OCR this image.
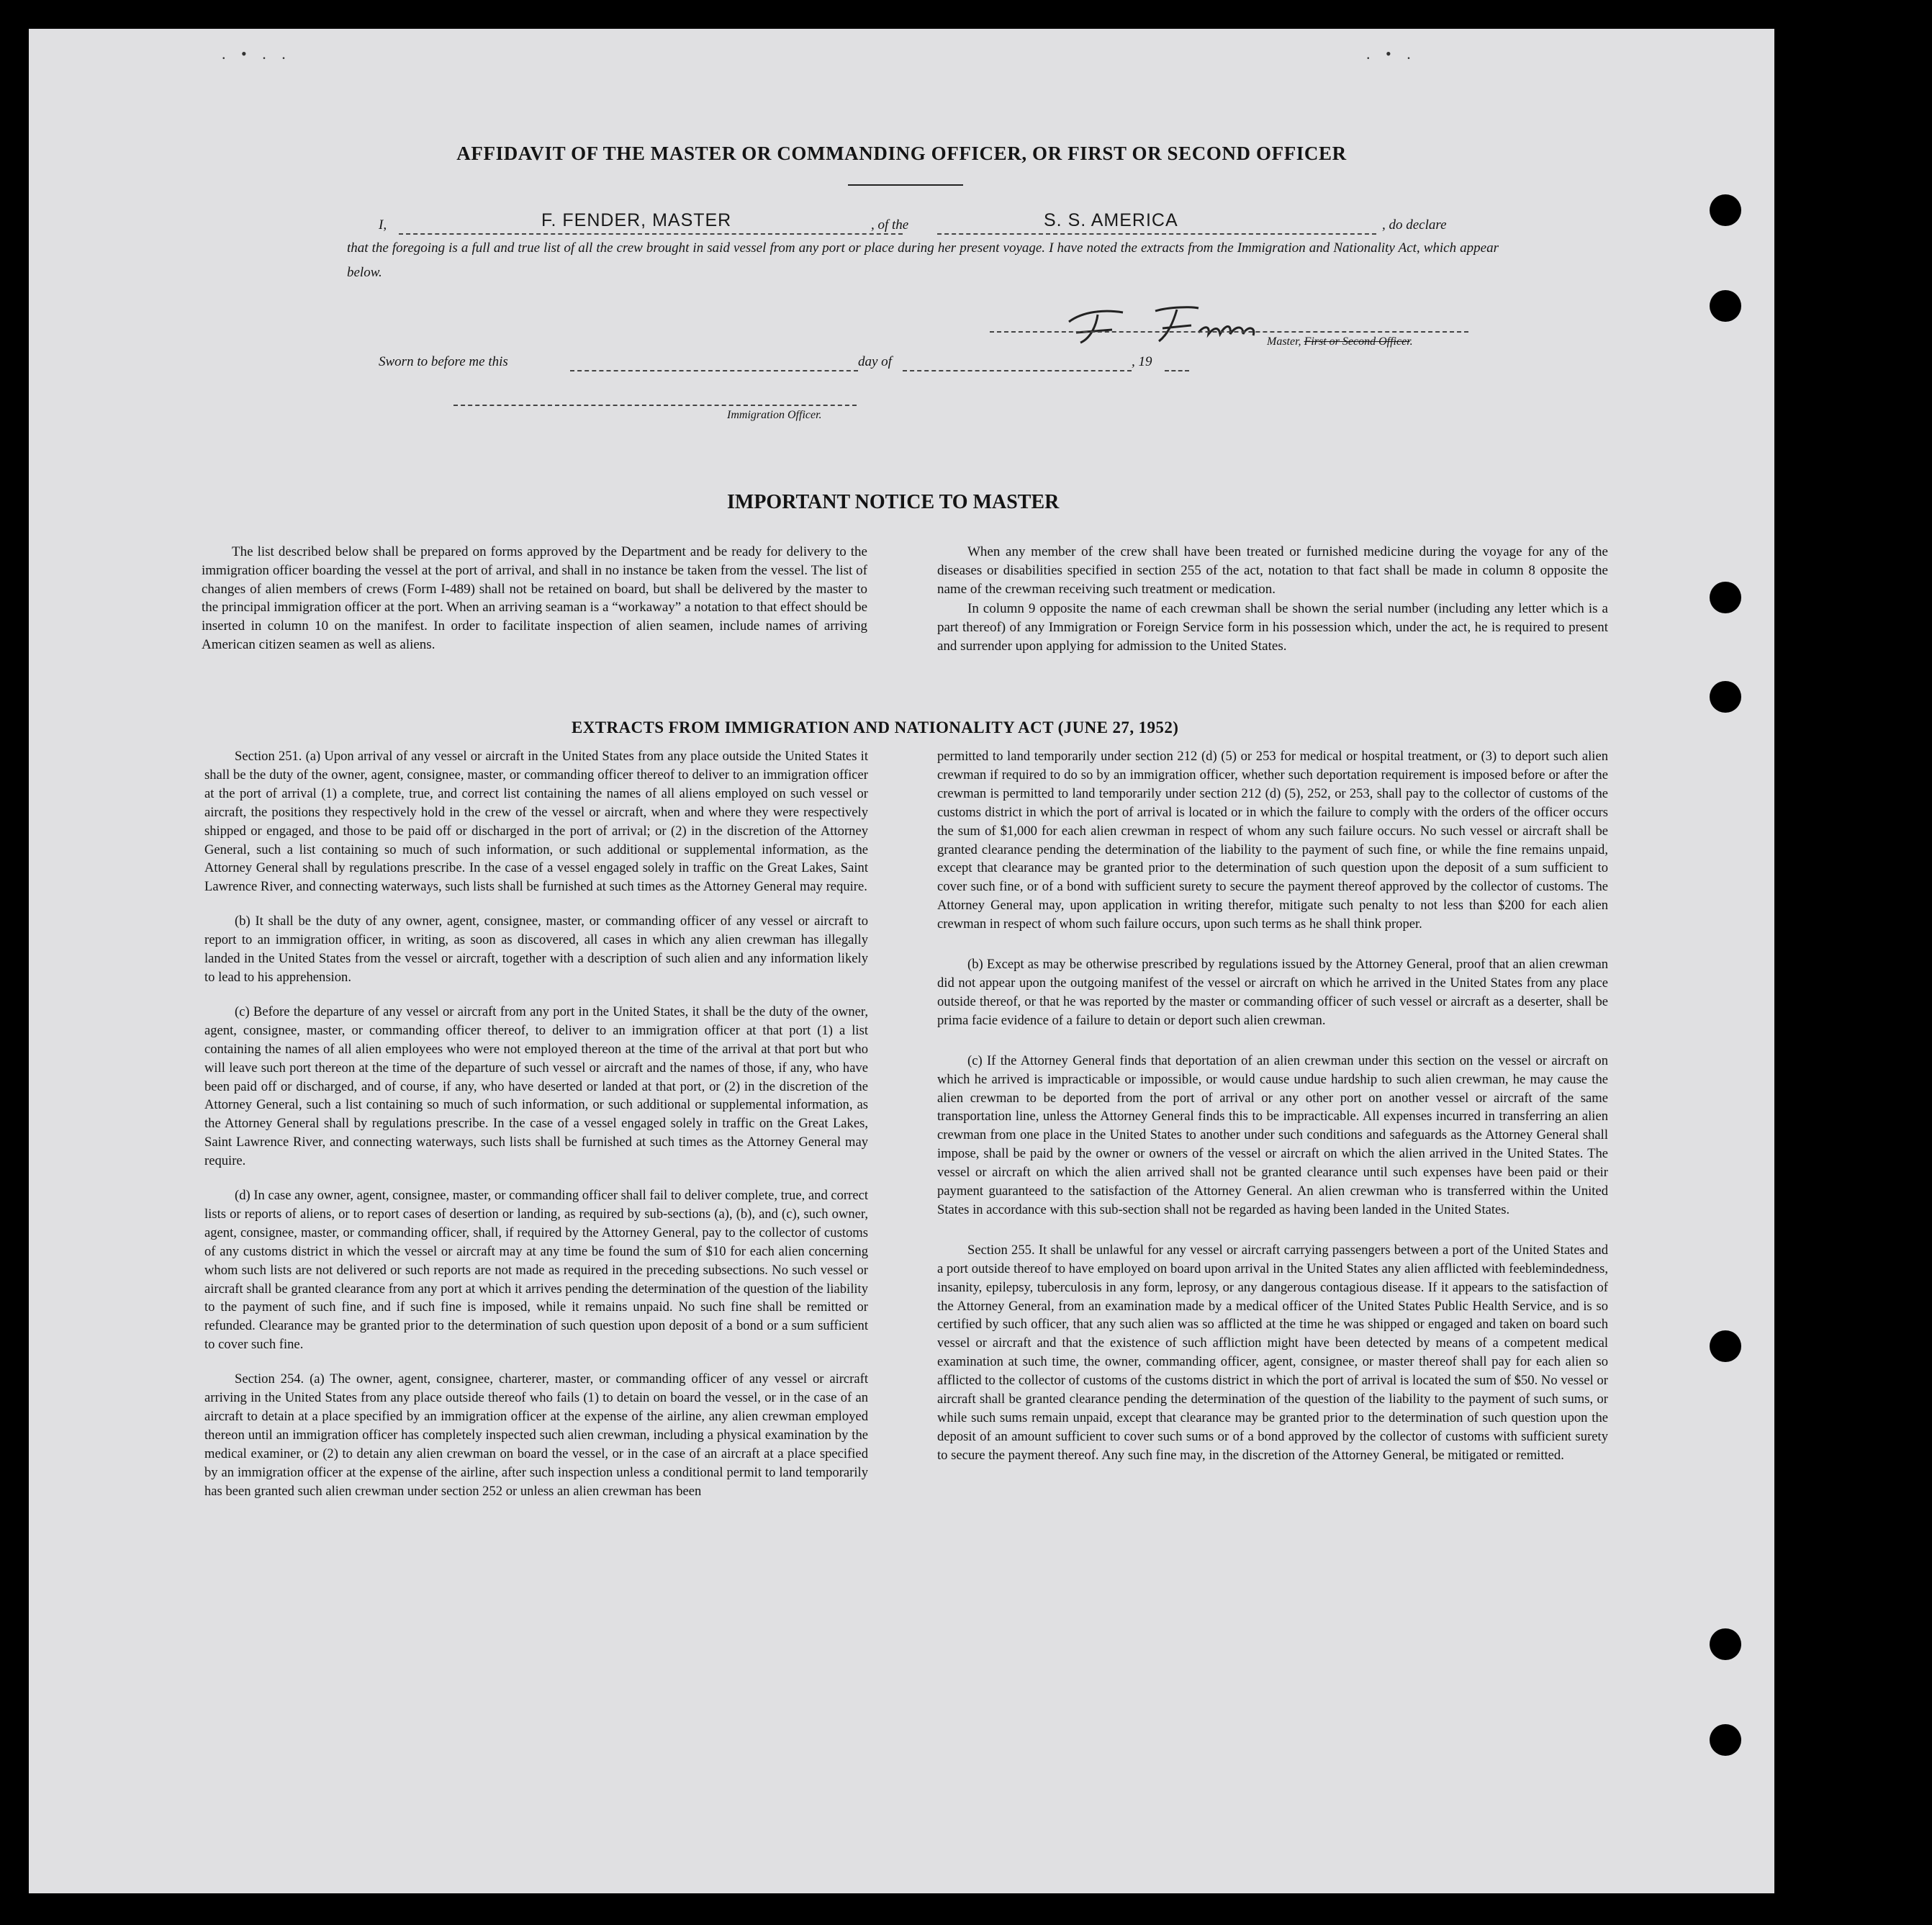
. • . .	. • .
AFFIDAVIT OF THE MASTER OR COMMANDING OFFICER, OR FIRST OR SECOND OFFICER
I,	F. FENDER, MASTER	, of the	S. S. AMERICA	, do declare
that the foregoing is a full and true list of all the crew brought in said vessel from any port or place during her present voyage. I have noted the extracts from the Immigration and Nationality Act, which appear below.
Master, First or Second Officer.
Sworn to before me this	day of	, 19
Immigration Officer.
IMPORTANT NOTICE TO MASTER

The list described below shall be prepared on forms approved by the Department and be ready for delivery to the immigration officer boarding the vessel at the port of arrival, and shall in no instance be taken from the vessel. The list of changes of alien members of crews (Form I-489) shall not be retained on board, but shall be delivered by the master to the principal immigration officer at the port. When an arriving seaman is a “workaway” a notation to that effect should be inserted in column 10 on the manifest. In order to facilitate inspection of alien seamen, include names of arriving American citizen seamen as well as aliens.

When any member of the crew shall have been treated or furnished medicine during the voyage for any of the diseases or disabilities specified in section 255 of the act, notation to that fact shall be made in column 8 opposite the name of the crewman receiving such treatment or medication.

In column 9 opposite the name of each crewman shall be shown the serial number (including any letter which is a part thereof) of any Immigration or Foreign Service form in his possession which, under the act, he is required to present and surrender upon applying for admission to the United States.

EXTRACTS FROM IMMIGRATION AND NATIONALITY ACT (JUNE 27, 1952)

Section 251. (a) Upon arrival of any vessel or aircraft in the United States from any place outside the United States it shall be the duty of the owner, agent, consignee, master, or commanding officer thereof to deliver to an immigration officer at the port of arrival (1) a complete, true, and correct list containing the names of all aliens employed on such vessel or aircraft, the positions they respectively hold in the crew of the vessel or aircraft, when and where they were respectively shipped or engaged, and those to be paid off or discharged in the port of arrival; or (2) in the discretion of the Attorney General, such a list containing so much of such information, or such additional or supplemental information, as the Attorney General shall by regulations prescribe. In the case of a vessel engaged solely in traffic on the Great Lakes, Saint Lawrence River, and connecting waterways, such lists shall be furnished at such times as the Attorney General may require.

(b) It shall be the duty of any owner, agent, consignee, master, or commanding officer of any vessel or aircraft to report to an immigration officer, in writing, as soon as discovered, all cases in which any alien crewman has illegally landed in the United States from the vessel or aircraft, together with a description of such alien and any information likely to lead to his apprehension.

(c) Before the departure of any vessel or aircraft from any port in the United States, it shall be the duty of the owner, agent, consignee, master, or commanding officer thereof, to deliver to an immigration officer at that port (1) a list containing the names of all alien employees who were not employed thereon at the time of the arrival at that port but who will leave such port thereon at the time of the departure of such vessel or aircraft and the names of those, if any, who have been paid off or discharged, and of course, if any, who have deserted or landed at that port, or (2) in the discretion of the Attorney General, such a list containing so much of such information, or such additional or supplemental information, as the Attorney General shall by regulations prescribe. In the case of a vessel engaged solely in traffic on the Great Lakes, Saint Lawrence River, and connecting waterways, such lists shall be furnished at such times as the Attorney General may require.

(d) In case any owner, agent, consignee, master, or commanding officer shall fail to deliver complete, true, and correct lists or reports of aliens, or to report cases of desertion or landing, as required by sub-sections (a), (b), and (c), such owner, agent, consignee, master, or commanding officer, shall, if required by the Attorney General, pay to the collector of customs of any customs district in which the vessel or aircraft may at any time be found the sum of $10 for each alien concerning whom such lists are not delivered or such reports are not made as required in the preceding subsections. No such vessel or aircraft shall be granted clearance from any port at which it arrives pending the determination of the question of the liability to the payment of such fine, and if such fine is imposed, while it remains unpaid. No such fine shall be remitted or refunded. Clearance may be granted prior to the determination of such question upon deposit of a bond or a sum sufficient to cover such fine.

Section 254. (a) The owner, agent, consignee, charterer, master, or commanding officer of any vessel or aircraft arriving in the United States from any place outside thereof who fails (1) to detain on board the vessel, or in the case of an aircraft to detain at a place specified by an immigration officer at the expense of the airline, any alien crewman employed thereon until an immigration officer has completely inspected such alien crewman, including a physical examination by the medical examiner, or (2) to detain any alien crewman on board the vessel, or in the case of an aircraft at a place specified by an immigration officer at the expense of the airline, after such inspection unless a conditional permit to land temporarily has been granted such alien crewman under section 252 or unless an alien crewman has been

permitted to land temporarily under section 212 (d) (5) or 253 for medical or hospital treatment, or (3) to deport such alien crewman if required to do so by an immigration officer, whether such deportation requirement is imposed before or after the crewman is permitted to land temporarily under section 212 (d) (5), 252, or 253, shall pay to the collector of customs of the customs district in which the port of arrival is located or in which the failure to comply with the orders of the officer occurs the sum of $1,000 for each alien crewman in respect of whom any such failure occurs. No such vessel or aircraft shall be granted clearance pending the determination of the liability to the payment of such fine, or while the fine remains unpaid, except that clearance may be granted prior to the determination of such question upon the deposit of a sum sufficient to cover such fine, or of a bond with sufficient surety to secure the payment thereof approved by the collector of customs. The Attorney General may, upon application in writing therefor, mitigate such penalty to not less than $200 for each alien crewman in respect of whom such failure occurs, upon such terms as he shall think proper.

(b) Except as may be otherwise prescribed by regulations issued by the Attorney General, proof that an alien crewman did not appear upon the outgoing manifest of the vessel or aircraft on which he arrived in the United States from any place outside thereof, or that he was reported by the master or commanding officer of such vessel or aircraft as a deserter, shall be prima facie evidence of a failure to detain or deport such alien crewman.

(c) If the Attorney General finds that deportation of an alien crewman under this section on the vessel or aircraft on which he arrived is impracticable or impossible, or would cause undue hardship to such alien crewman, he may cause the alien crewman to be deported from the port of arrival or any other port on another vessel or aircraft of the same transportation line, unless the Attorney General finds this to be impracticable. All expenses incurred in transferring an alien crewman from one place in the United States to another under such conditions and safeguards as the Attorney General shall impose, shall be paid by the owner or owners of the vessel or aircraft on which the alien arrived in the United States. The vessel or aircraft on which the alien arrived shall not be granted clearance until such expenses have been paid or their payment guaranteed to the satisfaction of the Attorney General. An alien crewman who is transferred within the United States in accordance with this sub-section shall not be regarded as having been landed in the United States.

Section 255. It shall be unlawful for any vessel or aircraft carrying passengers between a port of the United States and a port outside thereof to have employed on board upon arrival in the United States any alien afflicted with feeblemindedness, insanity, epilepsy, tuberculosis in any form, leprosy, or any dangerous contagious disease. If it appears to the satisfaction of the Attorney General, from an examination made by a medical officer of the United States Public Health Service, and is so certified by such officer, that any such alien was so afflicted at the time he was shipped or engaged and taken on board such vessel or aircraft and that the existence of such affliction might have been detected by means of a competent medical examination at such time, the owner, commanding officer, agent, consignee, or master thereof shall pay for each alien so afflicted to the collector of customs of the customs district in which the port of arrival is located the sum of $50. No vessel or aircraft shall be granted clearance pending the determination of the question of the liability to the payment of such sums, or while such sums remain unpaid, except that clearance may be granted prior to the determination of such question upon the deposit of an amount sufficient to cover such sums or of a bond approved by the collector of customs with sufficient surety to secure the payment thereof. Any such fine may, in the discretion of the Attorney General, be mitigated or remitted.
